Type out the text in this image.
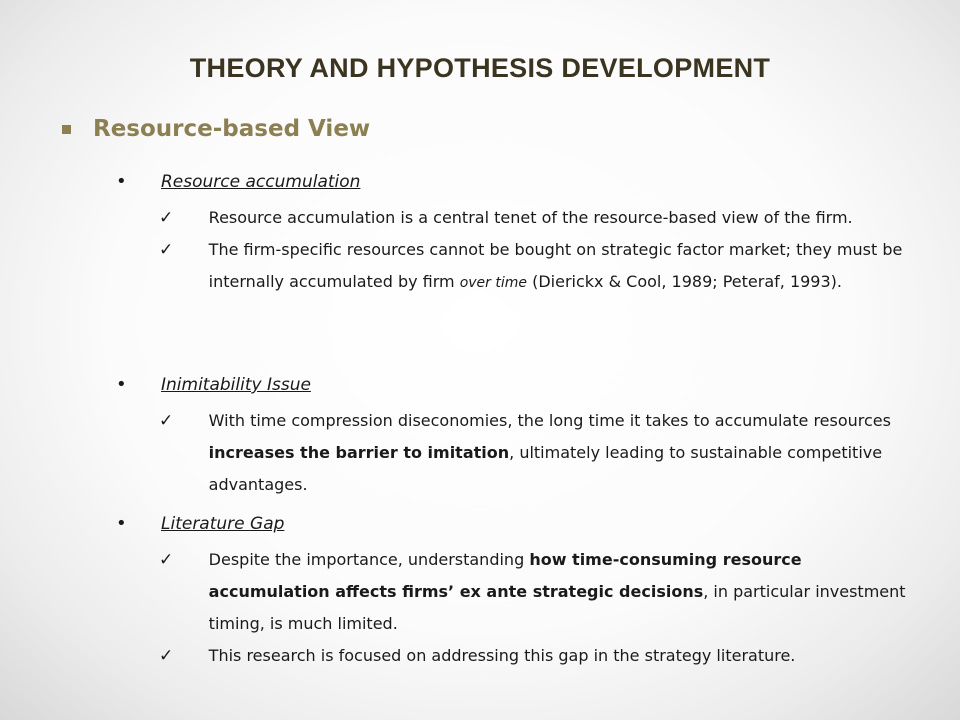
THEORY AND HYPOTHESIS DEVELOPMENT
Resource-based View
•	Resource accumulation
✓	Resource accumulation is a central tenet of the resource-based view of the firm.
✓	The firm-specific resources cannot be bought on strategic factor market; they must be internally accumulated by firm over time (Dierickx & Cool, 1989; Peteraf, 1993).
•	Inimitability Issue
✓	With time compression diseconomies, the long time it takes to accumulate resources increases the barrier to imitation, ultimately leading to sustainable competitive advantages.
•	Literature Gap
✓	Despite the importance, understanding how time-consuming resource accumulation affects firms’ ex ante strategic decisions, in particular investment timing, is much limited.
✓	This research is focused on addressing this gap in the strategy literature.
